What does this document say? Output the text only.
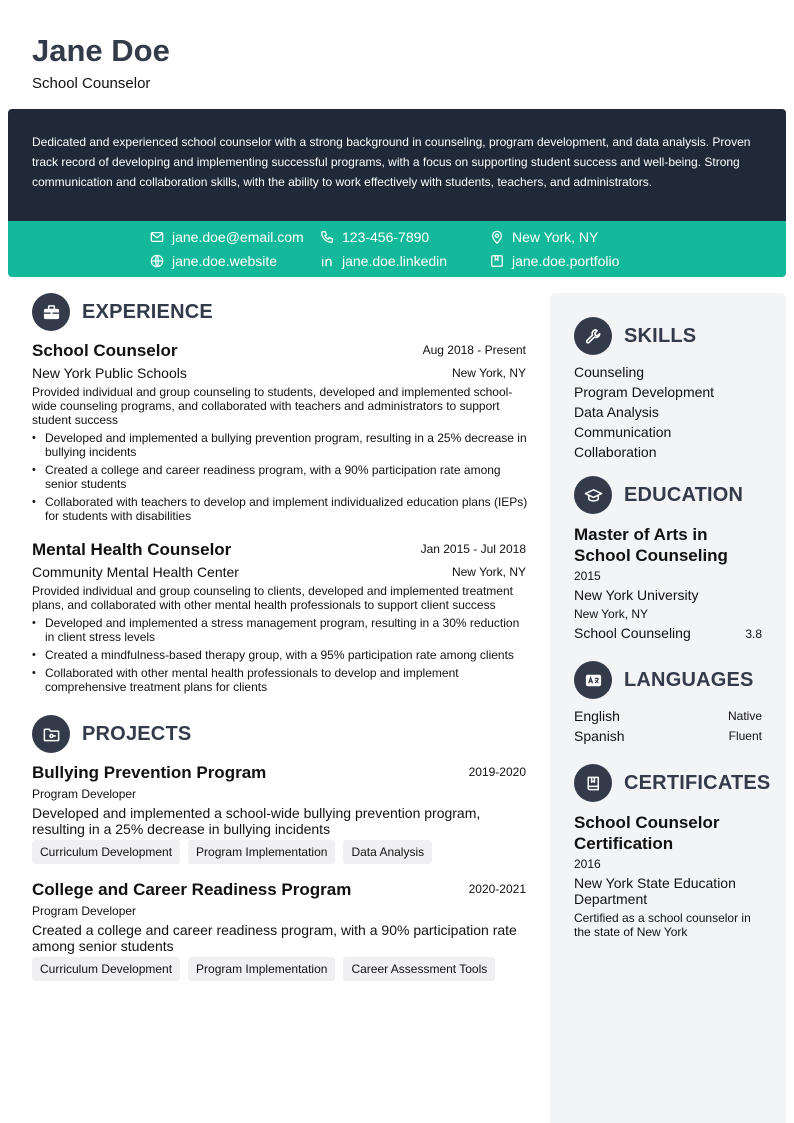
Jane Doe
School Counselor
Dedicated and experienced school counselor with a strong background in counseling, program development, and data analysis. Proven track record of developing and implementing successful programs, with a focus on supporting student success and well-being. Strong communication and collaboration skills, with the ability to work effectively with students, teachers, and administrators.
jane.doe@email.com	123-456-7890	New York, NY
jane.doe.website	jane.doe.linkedin	jane.doe.portfolio
EXPERIENCE
School Counselor	Aug 2018 - Present
New York Public Schools	New York, NY
Provided individual and group counseling to students, developed and implemented school-wide counseling programs, and collaborated with teachers and administrators to support student success
• Developed and implemented a bullying prevention program, resulting in a 25% decrease in bullying incidents
• Created a college and career readiness program, with a 90% participation rate among senior students
• Collaborated with teachers to develop and implement individualized education plans (IEPs) for students with disabilities
Mental Health Counselor	Jan 2015 - Jul 2018
Community Mental Health Center	New York, NY
Provided individual and group counseling to clients, developed and implemented treatment plans, and collaborated with other mental health professionals to support client success
• Developed and implemented a stress management program, resulting in a 30% reduction in client stress levels
• Created a mindfulness-based therapy group, with a 95% participation rate among clients
• Collaborated with other mental health professionals to develop and implement comprehensive treatment plans for clients
PROJECTS
Bullying Prevention Program	2019-2020
Program Developer
Developed and implemented a school-wide bullying prevention program, resulting in a 25% decrease in bullying incidents
Curriculum Development	Program Implementation	Data Analysis
College and Career Readiness Program	2020-2021
Program Developer
Created a college and career readiness program, with a 90% participation rate among senior students
Curriculum Development	Program Implementation	Career Assessment Tools
SKILLS
Counseling
Program Development
Data Analysis
Communication
Collaboration
EDUCATION
Master of Arts in School Counseling
2015
New York University
New York, NY
School Counseling	3.8
LANGUAGES
English	Native
Spanish	Fluent
CERTIFICATES
School Counselor Certification
2016
New York State Education Department
Certified as a school counselor in the state of New York
